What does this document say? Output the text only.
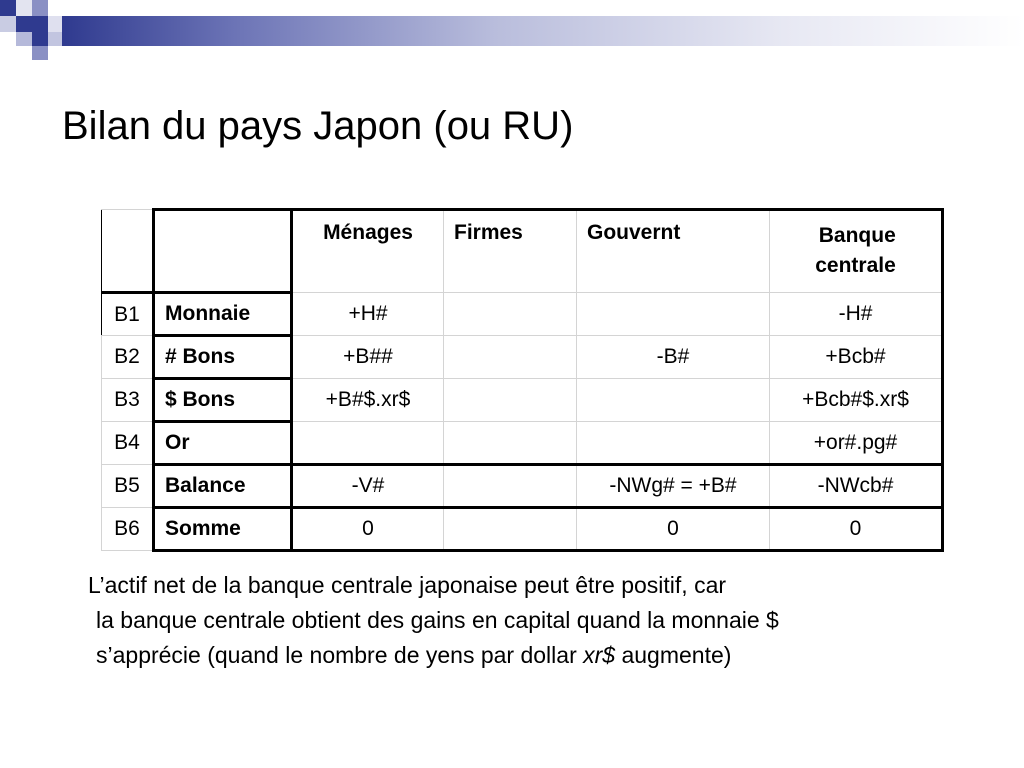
Bilan du pays Japon (ou RU)
		Ménages	Firmes	Gouvernt	Banque
centrale
B1	Monnaie	+H#			-H#
B2	# Bons	+B##		-B#	+Bcb#
B3	$ Bons	+B#$.xr$			+Bcb#$.xr$
B4	Or				+or#.pg#
B5	Balance	-V#		-NWg# = +B#	-NWcb#
B6	Somme	0		0	0
L’actif net de la banque centrale japonaise peut être positif, car
la banque centrale obtient des gains en capital quand la monnaie $
s’apprécie (quand le nombre de yens par dollar xr$ augmente)
